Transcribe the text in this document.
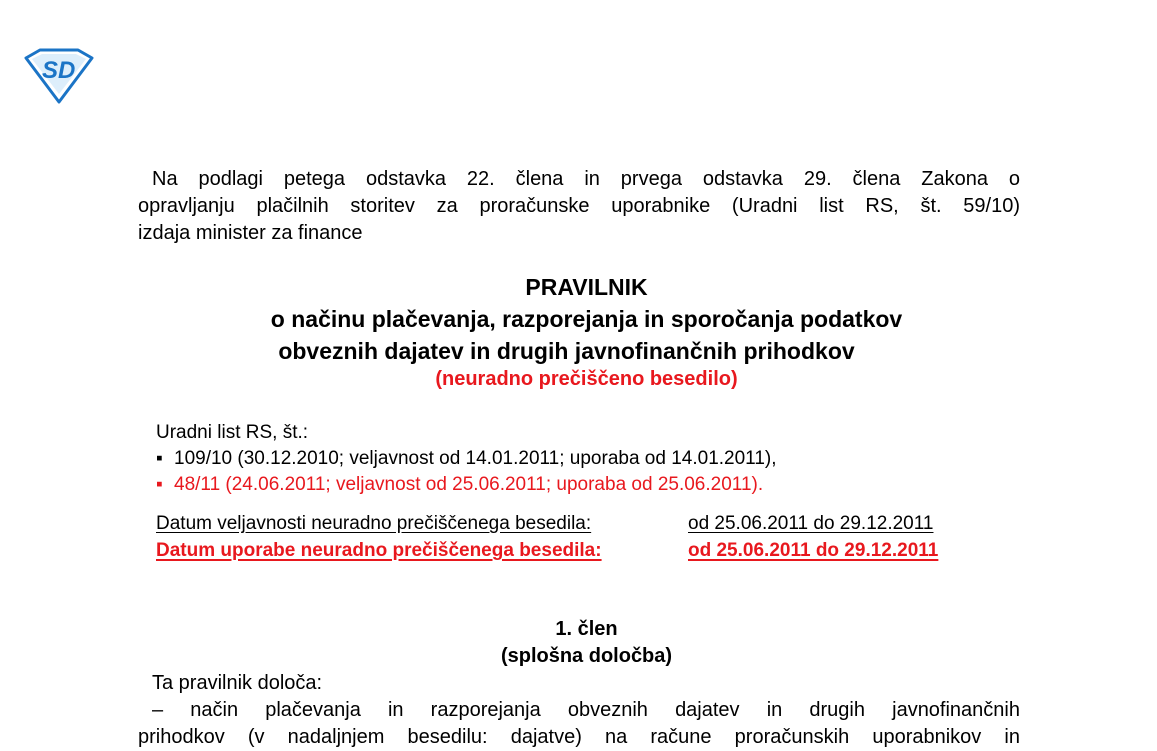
S D
Na podlagi petega odstavka 22. člena in prvega odstavka 29. člena Zakona o
opravljanju plačilnih storitev za proračunske uporabnike (Uradni list RS, št. 59/10)
izdaja minister za finance
PRAVILNIK
o načinu plačevanja, razporejanja in sporočanja podatkov
obveznih dajatev in drugih javnofinančnih prihodkov
(neuradno prečiščeno besedilo)
Uradni list RS, št.:
▪ 109/10 (30.12.2010; veljavnost od 14.01.2011; uporaba od 14.01.2011),
▪ 48/11 (24.06.2011; veljavnost od 25.06.2011; uporaba od 25.06.2011).
Datum veljavnosti neuradno prečiščenega besedila:	od 25.06.2011 do 29.12.2011
Datum uporabe neuradno prečiščenega besedila:	od 25.06.2011 do 29.12.2011
1. člen
(splošna določba)
Ta pravilnik določa:
– način plačevanja in razporejanja obveznih dajatev in drugih javnofinančnih
prihodkov (v nadaljnjem besedilu: dajatve) na račune proračunskih uporabnikov in
